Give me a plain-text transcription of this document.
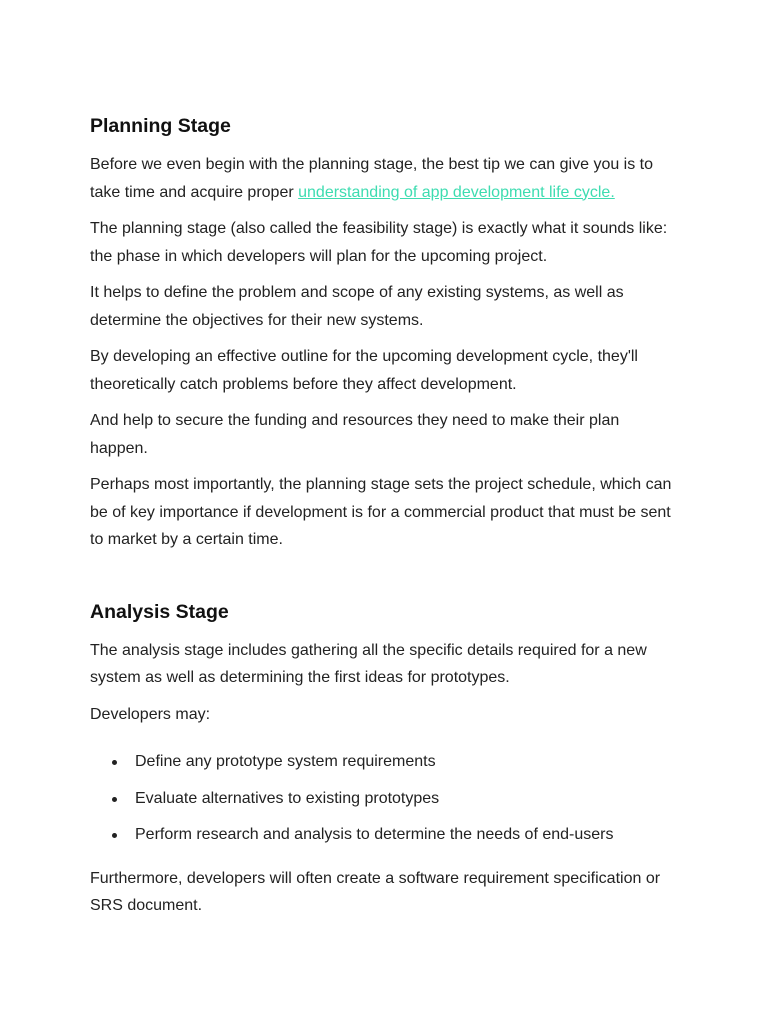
Planning Stage

Before we even begin with the planning stage, the best tip we can give you is to take time and acquire proper understanding of app development life cycle.

The planning stage (also called the feasibility stage) is exactly what it sounds like: the phase in which developers will plan for the upcoming project.

It helps to define the problem and scope of any existing systems, as well as determine the objectives for their new systems.

By developing an effective outline for the upcoming development cycle, they'll theoretically catch problems before they affect development.

And help to secure the funding and resources they need to make their plan happen.

Perhaps most importantly, the planning stage sets the project schedule, which can be of key importance if development is for a commercial product that must be sent to market by a certain time.

Analysis Stage

The analysis stage includes gathering all the specific details required for a new system as well as determining the first ideas for prototypes.

Developers may:

Define any prototype system requirements
Evaluate alternatives to existing prototypes
Perform research and analysis to determine the needs of end-users

Furthermore, developers will often create a software requirement specification or SRS document.
